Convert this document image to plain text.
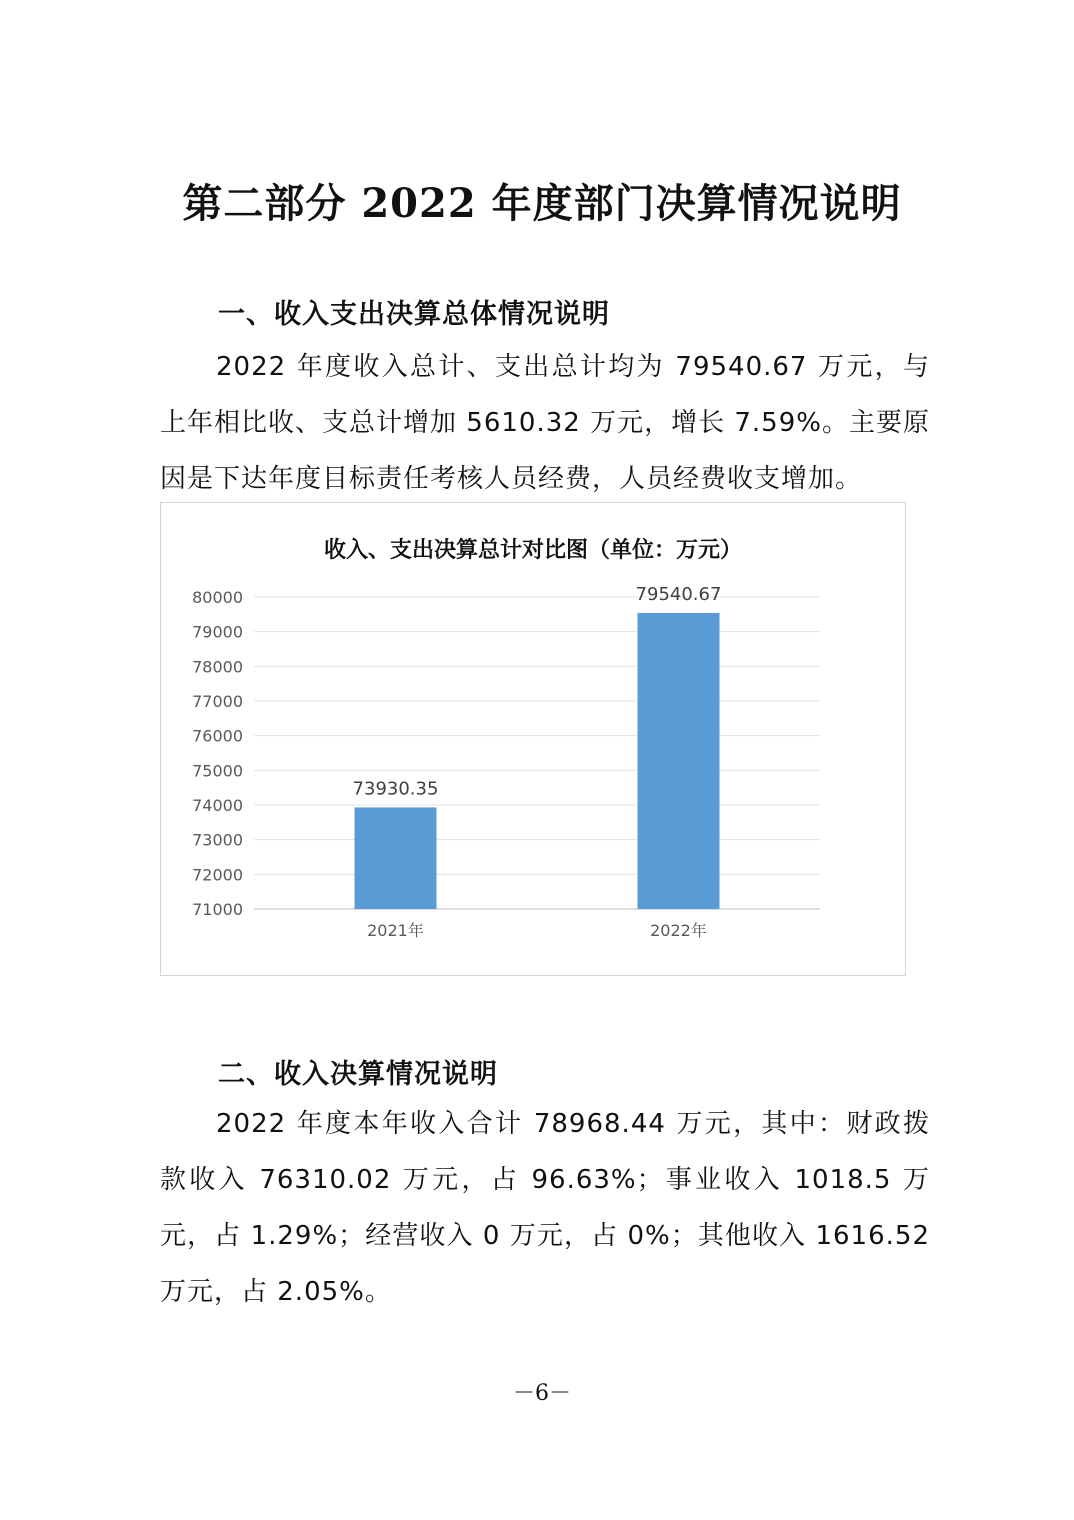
第二部分 2022 年度部门决算情况说明
一、收入支出决算总体情况说明

2022 年度收入总计、支出总计均为 79540.67 万元，与上年相比收、支总计增加 5610.32 万元，增长 7.59%。主要原因是下达年度目标责任考核人员经费，人员经费收支增加。

收入、支出决算总计对比图（单位：万元）
71000
72000
73000
74000
75000
76000
77000
78000
79000
80000
73930.35
2021年
79540.67
2022年
二、收入决算情况说明

2022 年度本年收入合计 78968.44 万元，其中：财政拨款收入 76310.02 万元，占 96.63%；事业收入 1018.5 万元，占 1.29%；经营收入 0 万元，占 0%；其他收入 1616.52 万元，占 2.05%。

－6－
